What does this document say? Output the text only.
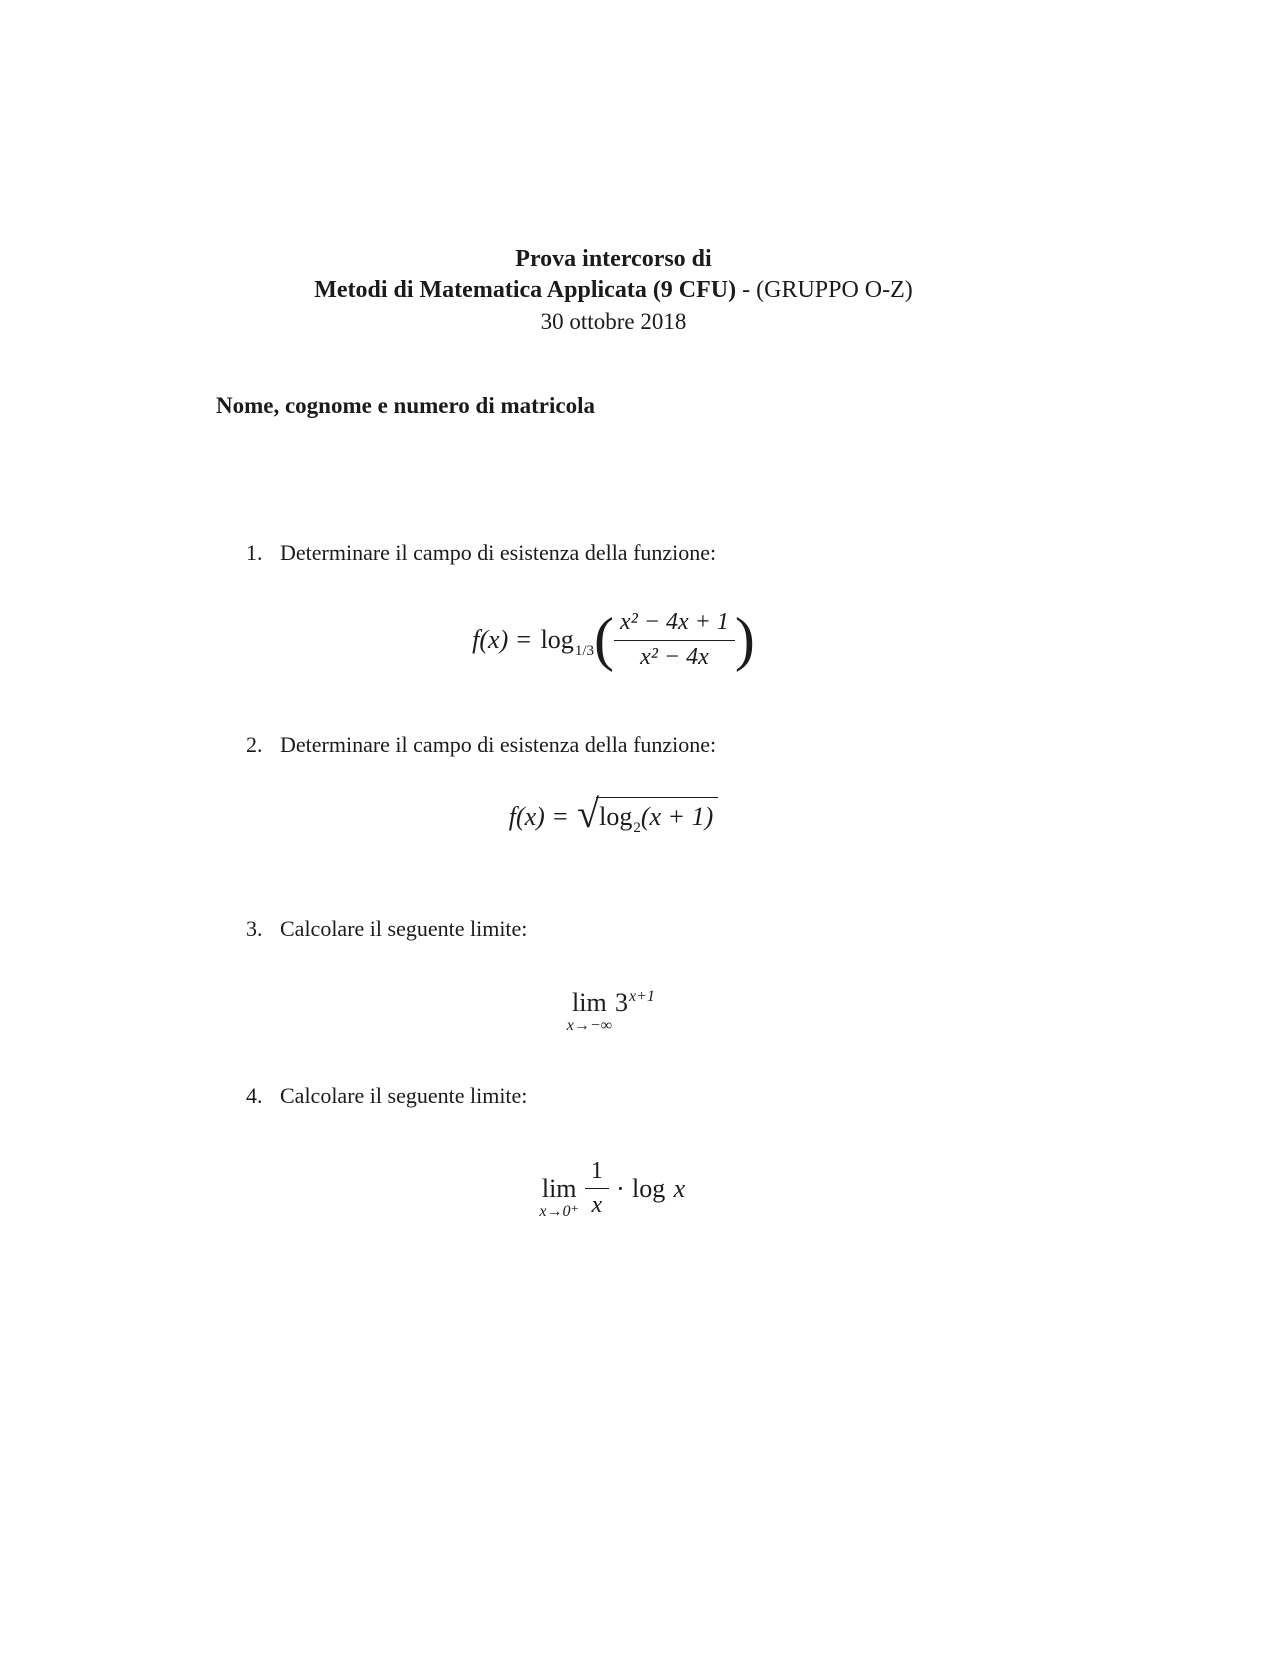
Prova intercorso di
Metodi di Matematica Applicata (9 CFU) - (GRUPPO O-Z)
30 ottobre 2018
Nome, cognome e numero di matricola
1. Determinare il campo di esistenza della funzione:
$f(x) = \log_{1/3}( \frac{\text{x² − 4x + 1}}{\text{x² − 4x}}$ )
2. Determinare il campo di esistenza della funzione:
f(x) = √ $\log_2(x + 1)$
3. Calcolare il seguente limite:
lim
x→−∞
$3^{x+1}$
4. Calcolare il seguente limite:
lim
$x\to 0^+ \frac{1}{x} \cdot \log x$
